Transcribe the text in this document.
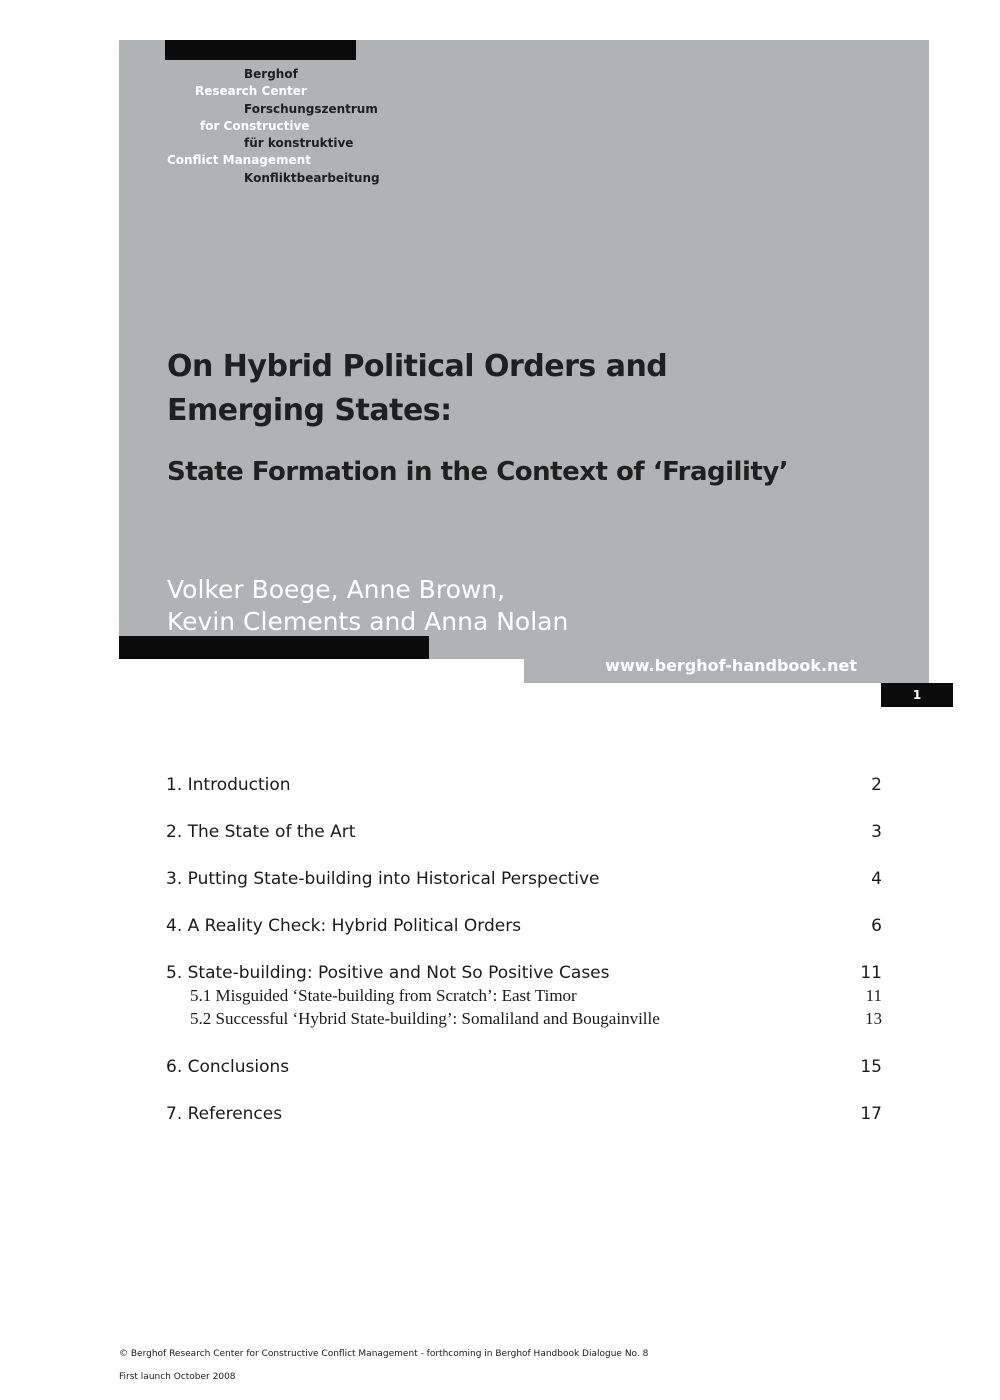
Berghof
Research Center
Forschungszentrum
for Constructive
für konstruktive
Conflict Management
Konfliktbearbeitung
On Hybrid Political Orders and
Emerging States:
State Formation in the Context of ‘Fragility’
Volker Boege, Anne Brown,
Kevin Clements and Anna Nolan
www.berghof-handbook.net
1
1. Introduction	2
2. The State of the Art	3
3. Putting State-building into Historical Perspective	4
4. A Reality Check: Hybrid Political Orders	6
5. State-building: Positive and Not So Positive Cases	11
5.1 Misguided ‘State-building from Scratch’: East Timor	11
5.2 Successful ‘Hybrid State-building’: Somaliland and Bougainville	13
6. Conclusions	15
7. References	17
© Berghof Research Center for Constructive Conflict Management - forthcoming in Berghof Handbook Dialogue No. 8
First launch October 2008
